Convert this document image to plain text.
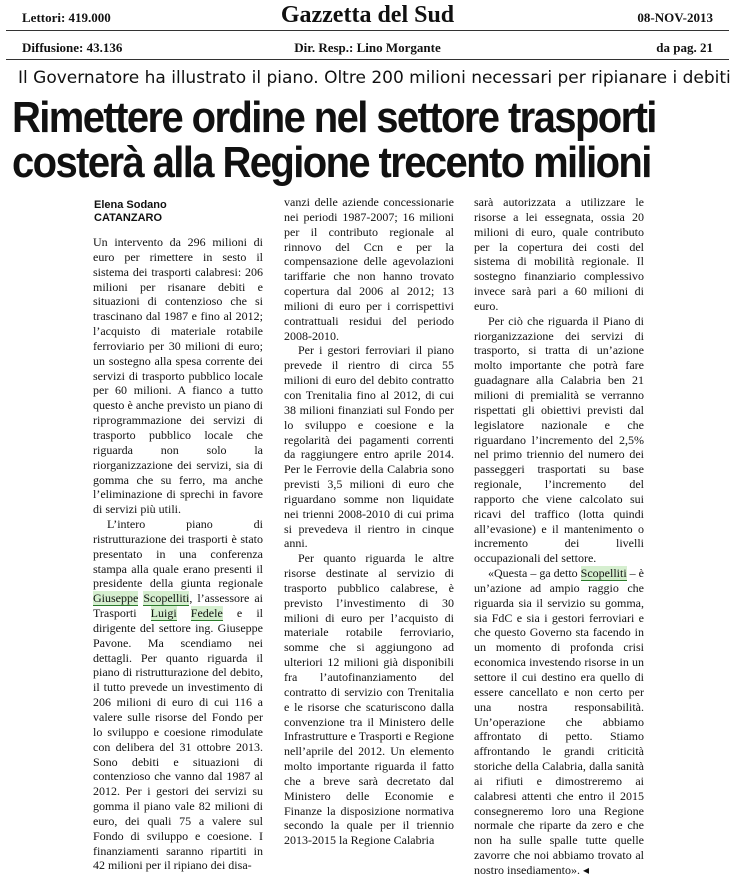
Lettori: 419.000	Gazzetta del Sud	08-NOV-2013
Diffusione: 43.136	Dir. Resp.: Lino Morgante	da pag. 21
Il Governatore ha illustrato il piano. Oltre 200 milioni necessari per ripianare i debiti
Rimettere ordine nel settore trasporti
costerà alla Regione trecento milioni
Elena Sodano
CATANZARO

Un intervento da 296 milioni di euro per rimettere in sesto il sistema dei trasporti calabresi: 206 milioni per risanare debiti e situazioni di contenzioso che si trascinano dal 1987 e fino al 2012; l’acquisto di materiale rotabile ferroviario per 30 milioni di euro; un sostegno alla spesa corrente dei servizi di trasporto pubblico locale per 60 milioni. A fianco a tutto questo è anche previsto un piano di riprogrammazione dei servizi di trasporto pubblico locale che riguarda non solo la riorganizzazione dei servizi, sia di gomma che su ferro, ma anche l’eliminazione di sprechi in favore di servizi più utili.

L’intero piano di ristrutturazione dei trasporti è stato presentato in una conferenza stampa alla quale erano presenti il presidente della giunta regionale Giuseppe Scopelliti, l’assessore ai Trasporti Luigi Fedele e il dirigente del settore ing. Giuseppe Pavone. Ma scendiamo nei dettagli. Per quanto riguarda il piano di ristrutturazione del debito, il tutto prevede un investimento di 206 milioni di euro di cui 116 a valere sulle risorse del Fondo per lo sviluppo e coesione rimodulate con delibera del 31 ottobre 2013. Sono debiti e situazioni di contenzioso che vanno dal 1987 al 2012. Per i gestori dei servizi su gomma il piano vale 82 milioni di euro, dei quali 75 a valere sul Fondo di sviluppo e coesione. I finanziamenti saranno ripartiti in 42 milioni per il ripiano dei disa-

vanzi delle aziende concessionarie nei periodi 1987-2007; 16 milioni per il contributo regionale al rinnovo del Ccn e per la compensazione delle agevolazioni tariffarie che non hanno trovato copertura dal 2006 al 2012; 13 milioni di euro per i corrispettivi contrattuali residui del periodo 2008-2010.

Per i gestori ferroviari il piano prevede il rientro di circa 55 milioni di euro del debito contratto con Trenitalia fino al 2012, di cui 38 milioni finanziati sul Fondo per lo sviluppo e coesione e la regolarità dei pagamenti correnti da raggiungere entro aprile 2014. Per le Ferrovie della Calabria sono previsti 3,5 milioni di euro che riguardano somme non liquidate nei trienni 2008-2010 di cui prima si prevedeva il rientro in cinque anni.

Per quanto riguarda le altre risorse destinate al servizio di trasporto pubblico calabrese, è previsto l’investimento di 30 milioni di euro per l’acquisto di materiale rotabile ferroviario, somme che si aggiungono ad ulteriori 12 milioni già disponibili fra l’autofinanziamento del contratto di servizio con Trenitalia e le risorse che scaturiscono dalla convenzione tra il Ministero delle Infrastrutture e Trasporti e Regione nell’aprile del 2012. Un elemento molto importante riguarda il fatto che a breve sarà decretato dal Ministero delle Economie e Finanze la disposizione normativa secondo la quale per il triennio 2013-2015 la Regione Calabria

sarà autorizzata a utilizzare le risorse a lei essegnata, ossia 20 milioni di euro, quale contributo per la copertura dei costi del sistema di mobilità regionale. Il sostegno finanziario complessivo invece sarà pari a 60 milioni di euro.

Per ciò che riguarda il Piano di riorganizzazione dei servizi di trasporto, si tratta di un’azione molto importante che potrà fare guadagnare alla Calabria ben 21 milioni di premialità se verranno rispettati gli obiettivi previsti dal legislatore nazionale e che riguardano l’incremento del 2,5% nel primo triennio del numero dei passeggeri trasportati su base regionale, l’incremento del rapporto che viene calcolato sui ricavi del traffico (lotta quindi all’evasione) e il mantenimento o incremento dei livelli occupazionali del settore.

«Questa – ga detto Scopelliti – è un’azione ad ampio raggio che riguarda sia il servizio su gomma, sia FdC e sia i gestori ferroviari e che questo Governo sta facendo in un momento di profonda crisi economica investendo risorse in un settore il cui destino era quello di essere cancellato e non certo per una nostra responsabilità. Un’operazione che abbiamo affrontato di petto. Stiamo affrontando le grandi criticità storiche della Calabria, dalla sanità ai rifiuti e dimostreremo ai calabresi attenti che entro il 2015 consegneremo loro una Regione normale che riparte da zero e che non ha sulle spalle tutte quelle zavorre che noi abbiamo trovato al nostro insediamento». ◂
